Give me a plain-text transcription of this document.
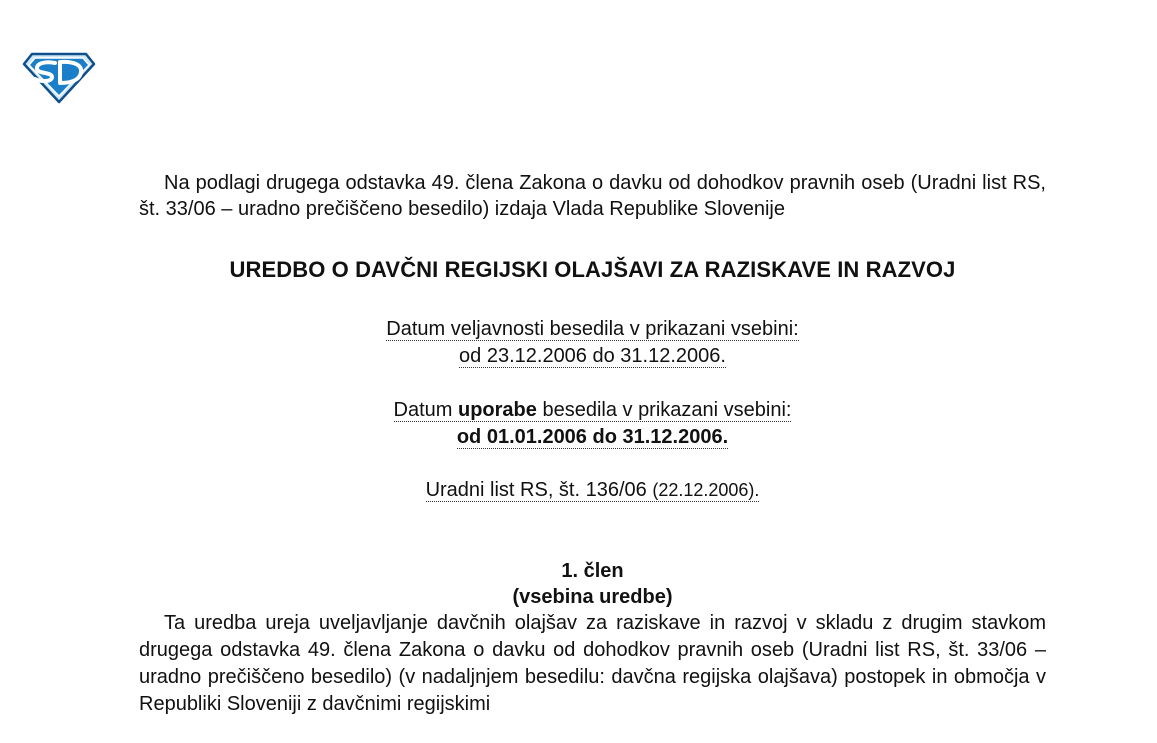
Na podlagi drugega odstavka 49. člena Zakona o davku od dohodkov pravnih oseb (Uradni list RS, št. 33/06 – uradno prečiščeno besedilo) izdaja Vlada Republike Slovenije

UREDBO O DAVČNI REGIJSKI OLAJŠAVI ZA RAZISKAVE IN RAZVOJ
Datum veljavnosti besedila v prikazani vsebini:
od 23.12.2006 do 31.12.2006.
Datum uporabe besedila v prikazani vsebini:
od 01.01.2006 do 31.12.2006.
Uradni list RS, št. 136/06 (22.12.2006).
1. člen
(vsebina uredbe)

Ta uredba ureja uveljavljanje davčnih olajšav za raziskave in razvoj v skladu z drugim stavkom drugega odstavka 49. člena Zakona o davku od dohodkov pravnih oseb (Uradni list RS, št. 33/06 – uradno prečiščeno besedilo) (v nadaljnjem besedilu: davčna regijska olajšava) postopek in območja v Republiki Sloveniji z davčnimi regijskimi
